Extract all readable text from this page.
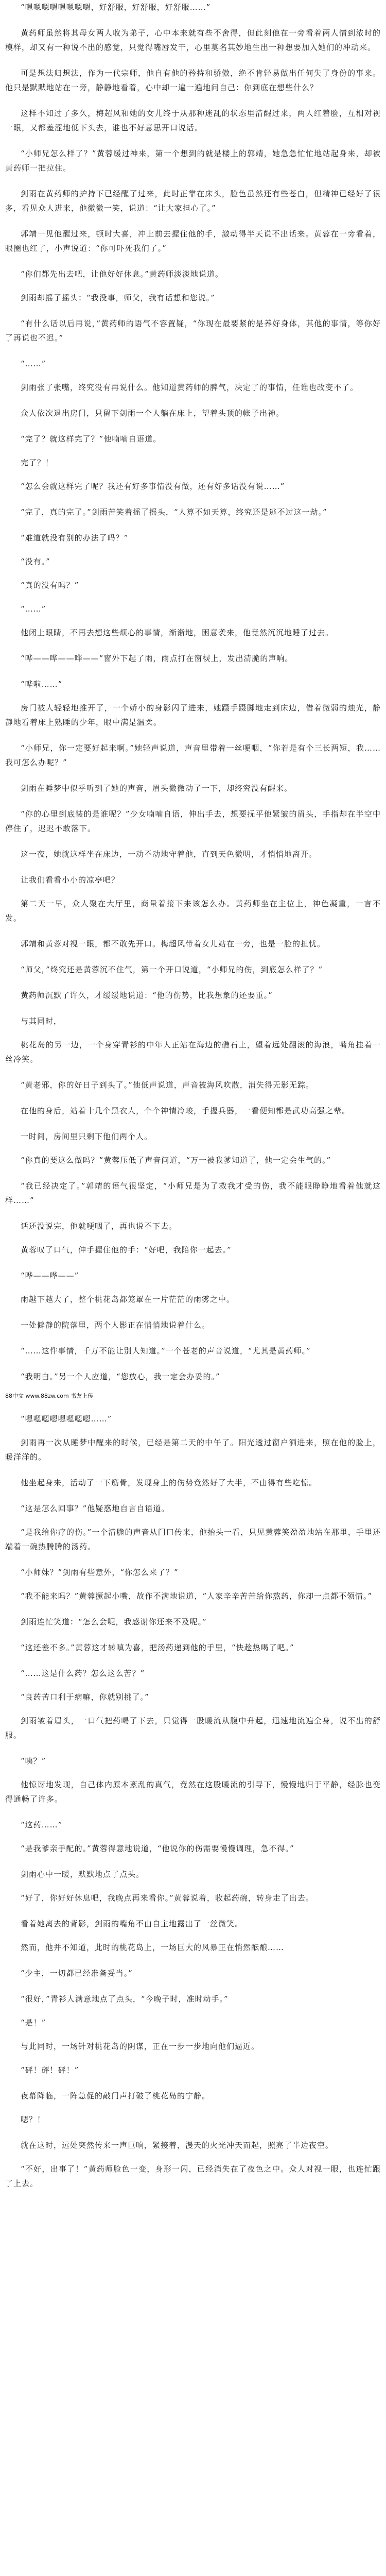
“嗯嗯嗯嗯嗯嗯嗯嗯，好舒服，好舒服，好舒服……”

黄药师虽然将其母女两人收为弟子，心中本来就有些不舍得，但此刻他在一旁看着两人情到浓时的模样，却又有一种说不出的感觉，只觉得嘴唇发干，心里莫名其妙地生出一种想要加入她们的冲动来。

可是想法归想法，作为一代宗师，他自有他的矜持和骄傲，绝不肯轻易做出任何失了身份的事来。他只是默默地站在一旁，静静地看着，心中却一遍一遍地问自己：你到底在想些什么？

这样不知过了多久，梅超风和她的女儿终于从那种迷乱的状态里清醒过来，两人红着脸，互相对视一眼，又都羞涩地低下头去，谁也不好意思开口说话。

“小师兄怎么样了？”黄蓉缓过神来，第一个想到的就是楼上的郭靖，她急急忙忙地站起身来，却被黄药师一把拉住。

剑雨在黄药师的护持下已经醒了过来，此时正靠在床头，脸色虽然还有些苍白，但精神已经好了很多，看见众人进来，他微微一笑，说道：“让大家担心了。”

郭靖一见他醒过来，顿时大喜，冲上前去握住他的手，激动得半天说不出话来。黄蓉在一旁看着，眼圈也红了，小声说道：“你可吓死我们了。”

“你们都先出去吧，让他好好休息。”黄药师淡淡地说道。

剑雨却摇了摇头：“我没事，师父，我有话想和您说。”

“有什么话以后再说，”黄药师的语气不容置疑，“你现在最要紧的是养好身体，其他的事情，等你好了再说也不迟。”

“……”

剑雨张了张嘴，终究没有再说什么。他知道黄药师的脾气，决定了的事情，任谁也改变不了。

众人依次退出房门，只留下剑雨一个人躺在床上，望着头顶的帐子出神。

“完了？就这样完了？”他喃喃自语道。

完了？！

“怎么会就这样完了呢？我还有好多事情没有做，还有好多话没有说……”

“完了，真的完了。”剑雨苦笑着摇了摇头，“人算不如天算，终究还是逃不过这一劫。”

“难道就没有别的办法了吗？”

“没有。”

“真的没有吗？”

“……”

他闭上眼睛，不再去想这些烦心的事情，渐渐地，困意袭来，他竟然沉沉地睡了过去。

“哗——哗——哗——”窗外下起了雨，雨点打在窗棂上，发出清脆的声响。

“哗啦……”

房门被人轻轻地推开了，一个娇小的身影闪了进来，她蹑手蹑脚地走到床边，借着微弱的烛光，静静地看着床上熟睡的少年，眼中满是温柔。

“小师兄，你一定要好起来啊。”她轻声说道，声音里带着一丝哽咽，“你若是有个三长两短，我……我可怎么办呢？”

剑雨在睡梦中似乎听到了她的声音，眉头微微动了一下，却终究没有醒来。

“你的心里到底装的是谁呢？”少女喃喃自语，伸出手去，想要抚平他紧皱的眉头，手指却在半空中停住了，迟迟不敢落下。

这一夜，她就这样坐在床边，一动不动地守着他，直到天色微明，才悄悄地离开。

让我们看看小小的凉亭吧？

第二天一早，众人聚在大厅里，商量着接下来该怎么办。黄药师坐在主位上，神色凝重，一言不发。

郭靖和黄蓉对视一眼，都不敢先开口。梅超风带着女儿站在一旁，也是一脸的担忧。

“师父，”终究还是黄蓉沉不住气，第一个开口说道，“小师兄的伤，到底怎么样了？”

黄药师沉默了许久，才缓缓地说道：“他的伤势，比我想象的还要重。”

与其同时，

桃花岛的另一边，一个身穿青衫的中年人正站在海边的礁石上，望着远处翻滚的海浪，嘴角挂着一丝冷笑。

“黄老邪，你的好日子到头了。”他低声说道，声音被海风吹散，消失得无影无踪。

在他的身后，站着十几个黑衣人，个个神情冷峻，手握兵器，一看便知都是武功高强之辈。

一时间，房间里只剩下他们两个人。

“你真的要这么做吗？”黄蓉压低了声音问道，“万一被我爹知道了，他一定会生气的。”

“我已经决定了。”郭靖的语气很坚定，“小师兄是为了救我才受的伤，我不能眼睁睁地看着他就这样……”

话还没说完，他就哽咽了，再也说不下去。

黄蓉叹了口气，伸手握住他的手：“好吧，我陪你一起去。”

“哗——哗——”

雨越下越大了，整个桃花岛都笼罩在一片茫茫的雨雾之中。

一处僻静的院落里，两个人影正在悄悄地说着什么。

“……这件事情，千万不能让别人知道。”一个苍老的声音说道，“尤其是黄药师。”

“我明白。”另一个人应道，“您放心，我一定会办妥的。”

88中文 www.88zw.com 书友上传

“嗯嗯嗯嗯嗯嗯嗯嗯……”

剑雨再一次从睡梦中醒来的时候，已经是第二天的中午了。阳光透过窗户洒进来，照在他的脸上，暖洋洋的。

他坐起身来，活动了一下筋骨，发现身上的伤势竟然好了大半，不由得有些吃惊。

“这是怎么回事？”他疑惑地自言自语道。

“是我给你疗的伤。”一个清脆的声音从门口传来，他抬头一看，只见黄蓉笑盈盈地站在那里，手里还端着一碗热腾腾的汤药。

“小师妹？”剑雨有些意外，“你怎么来了？”

“我不能来吗？”黄蓉撅起小嘴，故作不满地说道，“人家辛辛苦苦给你熬药，你却一点都不领情。”

剑雨连忙笑道：“怎么会呢，我感谢你还来不及呢。”

“这还差不多。”黄蓉这才转嗔为喜，把汤药递到他的手里，“快趁热喝了吧。”

“……这是什么药？怎么这么苦？”

“良药苦口利于病嘛，你就别挑了。”

剑雨皱着眉头，一口气把药喝了下去，只觉得一股暖流从腹中升起，迅速地流遍全身，说不出的舒服。

“咦？”

他惊讶地发现，自己体内原本紊乱的真气，竟然在这股暖流的引导下，慢慢地归于平静，经脉也变得通畅了许多。

“这药……”

“是我爹亲手配的。”黄蓉得意地说道，“他说你的伤需要慢慢调理，急不得。”

剑雨心中一暖，默默地点了点头。

“好了，你好好休息吧，我晚点再来看你。”黄蓉说着，收起药碗，转身走了出去。

看着她离去的背影，剑雨的嘴角不由自主地露出了一丝微笑。

然而，他并不知道，此时的桃花岛上，一场巨大的风暴正在悄然酝酿……

“少主，一切都已经准备妥当。”

“很好，”青衫人满意地点了点头，“今晚子时，准时动手。”

“是！”

与此同时，一场针对桃花岛的阴谋，正在一步一步地向他们逼近。

“砰！砰！砰！”

夜幕降临，一阵急促的敲门声打破了桃花岛的宁静。

嗯？！

就在这时，远处突然传来一声巨响，紧接着，漫天的火光冲天而起，照亮了半边夜空。

“不好，出事了！”黄药师脸色一变，身形一闪，已经消失在了夜色之中。众人对视一眼，也连忙跟了上去。
